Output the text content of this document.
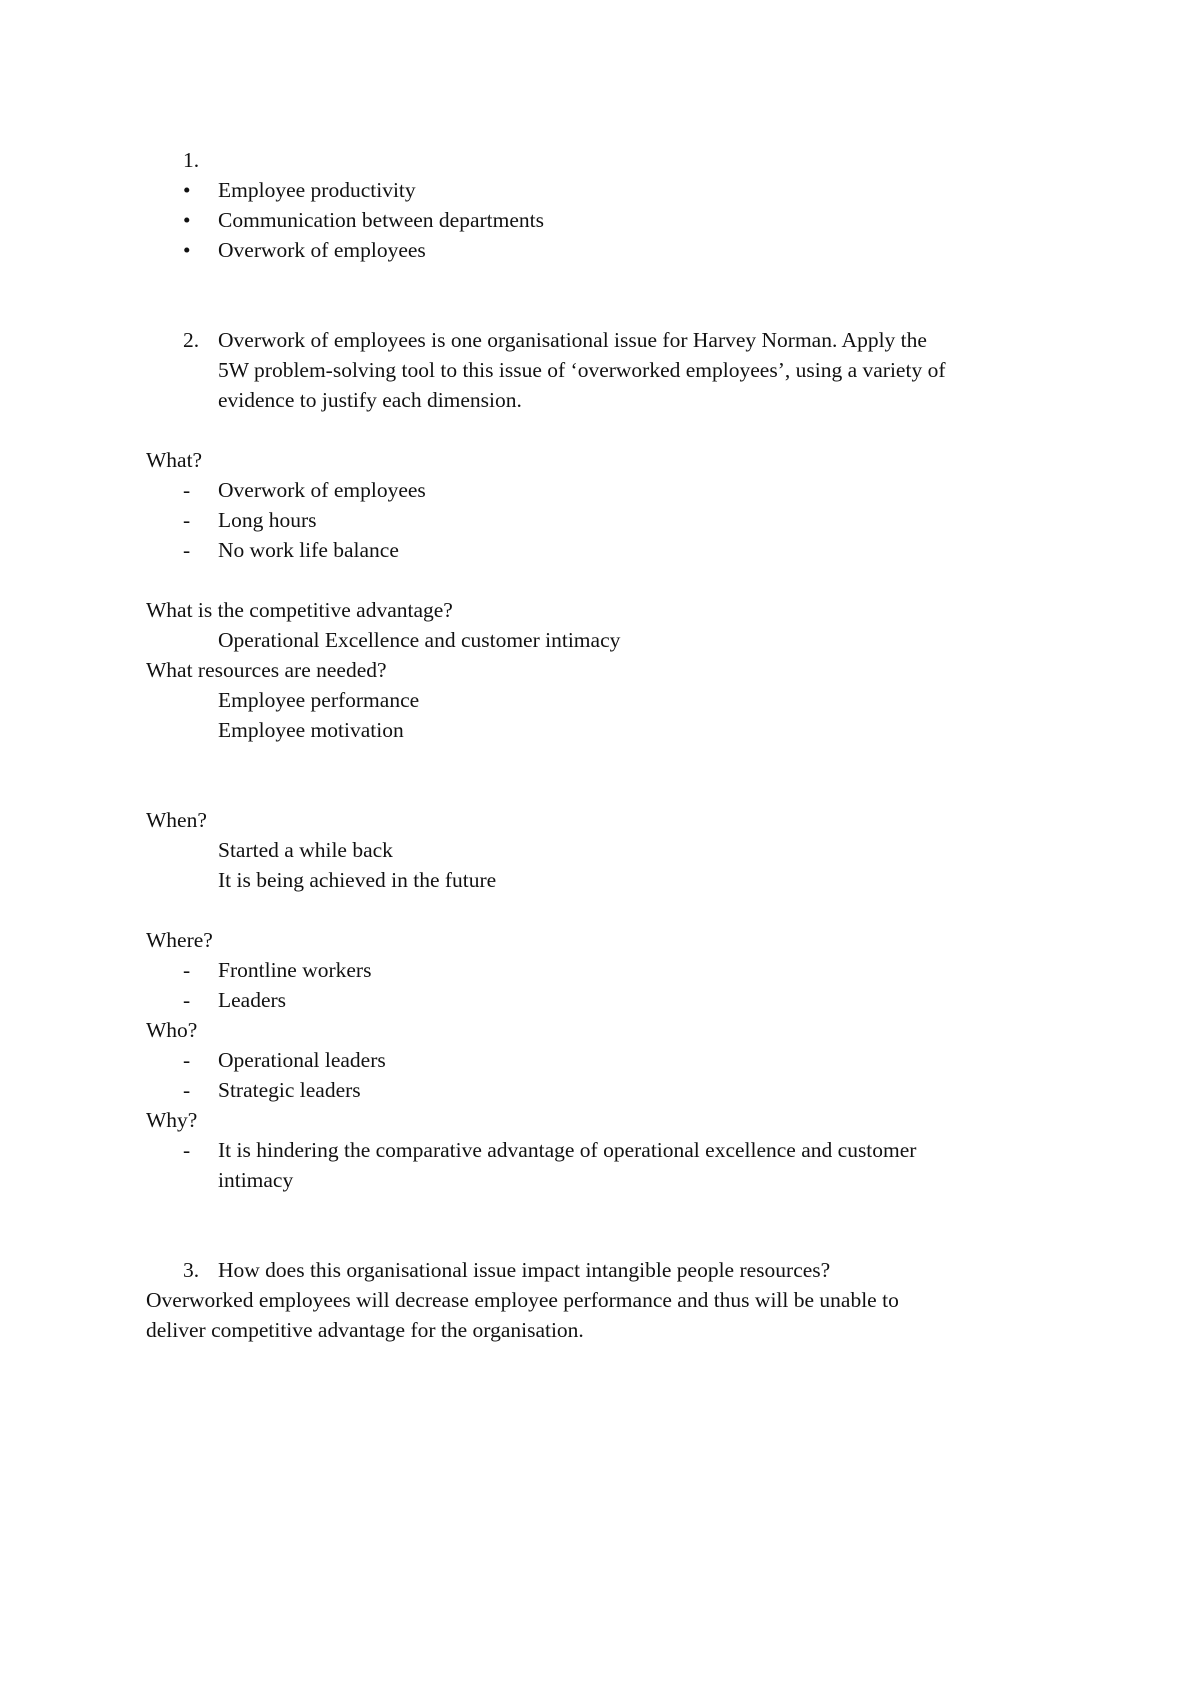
1.
• Employee productivity
• Communication between departments
• Overwork of employees
2. Overwork of employees is one organisational issue for Harvey Norman. Apply the
5W problem-solving tool to this issue of ‘overworked employees’, using a variety of
evidence to justify each dimension.
What?
- Overwork of employees
- Long hours
- No work life balance
What is the competitive advantage?
Operational Excellence and customer intimacy
What resources are needed?
Employee performance
Employee motivation
When?
Started a while back
It is being achieved in the future
Where?
- Frontline workers
- Leaders
Who?
- Operational leaders
- Strategic leaders
Why?
- It is hindering the comparative advantage of operational excellence and customer
intimacy
3. How does this organisational issue impact intangible people resources?
Overworked employees will decrease employee performance and thus will be unable to
deliver competitive advantage for the organisation.
